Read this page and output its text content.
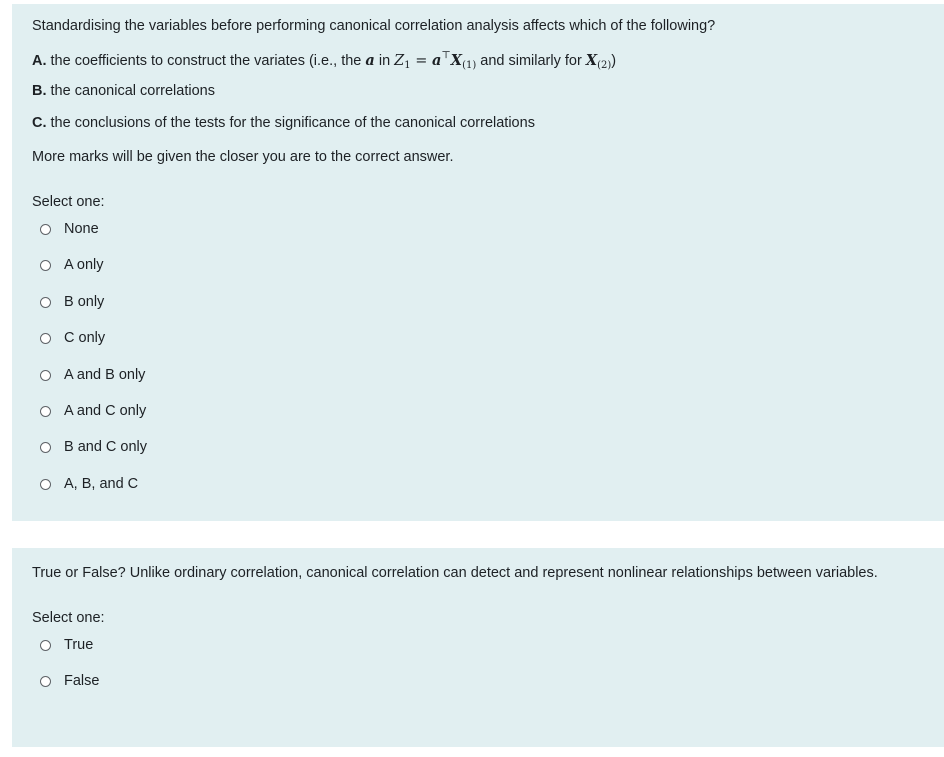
Standardising the variables before performing canonical correlation analysis affects which of the following?
A. the coefficients to construct the variates (i.e., the a in $Z_1 = a^⊤X_{(1)}$ and similarly for $X_{(2)}$)
B. the canonical correlations
C. the conclusions of the tests for the significance of the canonical correlations
More marks will be given the closer you are to the correct answer.
Select one:
None
A only
B only
C only
A and B only
A and C only
B and C only
A, B, and C
True or False? Unlike ordinary correlation, canonical correlation can detect and represent nonlinear relationships between variables.
Select one:
True
False
